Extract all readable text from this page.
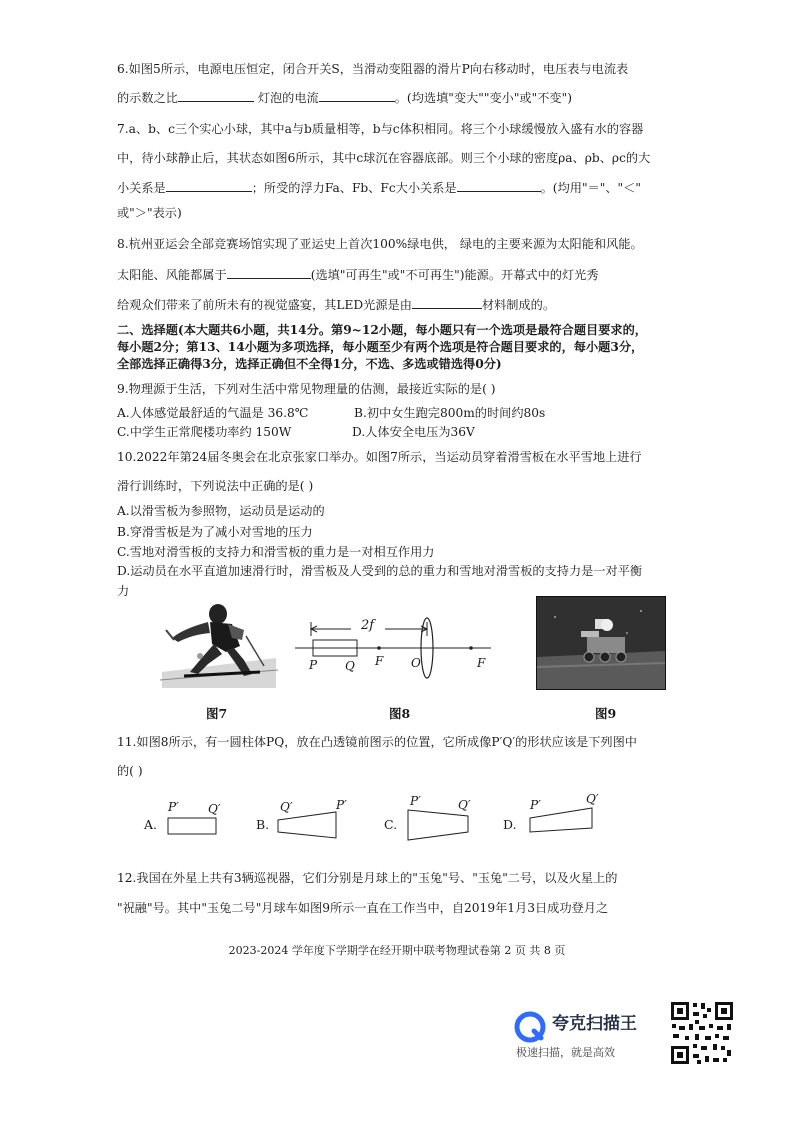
6.如图5所示，电源电压恒定，闭合开关S，当滑动变阻器的滑片P向右移动时，电压表与电流表
的示数之比	灯泡的电流	。(均选填"变大""变小"或"不变")
7.a、b、c三个实心小球，其中a与b质量相等，b与c体积相同。将三个小球缓慢放入盛有水的容器
中，待小球静止后，其状态如图6所示，其中c球沉在容器底部。则三个小球的密度ρa、ρb、ρc的大
小关系是	；所受的浮力Fa、Fb、Fc大小关系是	。(均用"＝"、"＜"
或"＞"表示)
8.杭州亚运会全部竞赛场馆实现了亚运史上首次100%绿电供， 绿电的主要来源为太阳能和风能。
太阳能、风能都属于	(选填"可再生"或"不可再生")能源。开幕式中的灯光秀
给观众们带来了前所未有的视觉盛宴，其LED光源是由	材料制成的。
二、选择题(本大题共6小题，共14分。第9~12小题，每小题只有一个选项是最符合题目要求的，
每小题2分；第13、14小题为多项选择，每小题至少有两个选项是符合题目要求的，每小题3分，
全部选择正确得3分，选择正确但不全得1分，不选、多选或错选得0分)
9.物理源于生活，下列对生活中常见物理量的估测，最接近实际的是( )
A.人体感觉最舒适的气温是 36.8℃	B.初中女生跑完800m的时间约80s
C.中学生正常爬楼功率约 150W	D.人体安全电压为36V
10.2022年第24届冬奥会在北京张家口举办。如图7所示，当运动员穿着滑雪板在水平雪地上进行
滑行训练时，下列说法中正确的是( )
A.以滑雪板为参照物，运动员是运动的
B.穿滑雪板是为了减小对雪地的压力
C.雪地对滑雪板的支持力和滑雪板的重力是一对相互作用力
D.运动员在水平直道加速滑行时，滑雪板及人受到的总的重力和雪地对滑雪板的支持力是一对平衡
力
2f
P Q F O	F
图7	图8	图9
11.如图8所示，有一圆柱体PQ，放在凸透镜前图示的位置，它所成像P′Q′的形状应该是下列图中
的( )
A.
P′ Q′
B.
Q′	P′
C.
P′	Q′
D.
P′	Q′
12.我国在外星上共有3辆巡视器，它们分别是月球上的"玉兔"号、"玉兔"二号，以及火星上的
"祝融"号。其中"玉兔二号"月球车如图9所示一直在工作当中，自2019年1月3日成功登月之
2023-2024 学年度下学期学在经开期中联考物理试卷第 2 页 共 8 页
夸克扫描王
极速扫描，就是高效
